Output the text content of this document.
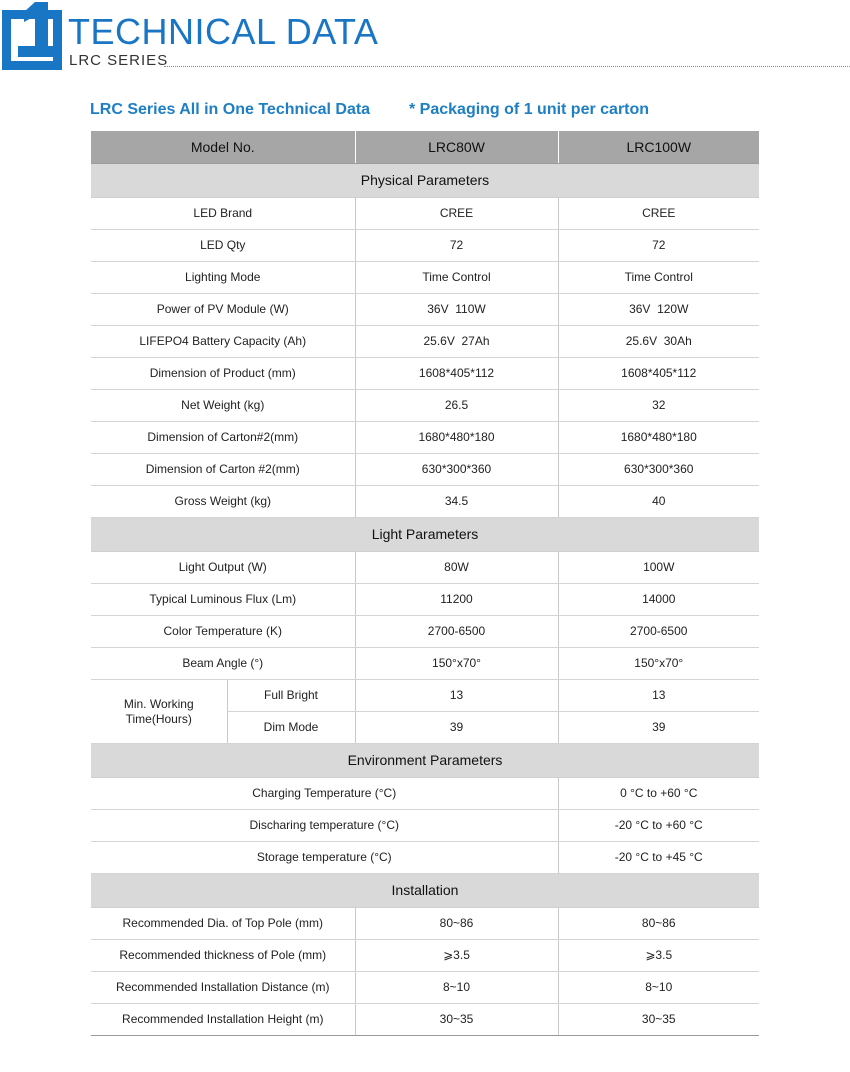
TECHNICAL DATA
LRC SERIES
LRC Series All in One Technical Data * Packaging of 1 unit per carton
Model No.		LRC80W	LRC100W
Physical Parameters			
LED Brand		CREE	CREE
LED Qty		72	72
Lighting Mode		Time Control	Time Control
Power of PV Module (W)		36V  110W	36V  120W
LIFEPO4 Battery Capacity (Ah)		25.6V  27Ah	25.6V  30Ah
Dimension of Product (mm)		1608*405*112	1608*405*112
Net Weight (kg)		26.5	32
Dimension of Carton#2(mm)		1680*480*180	1680*480*180
Dimension of Carton #2(mm)		630*300*360	630*300*360
Gross Weight (kg)		34.5	40
Light Parameters			
Light Output (W)		80W	100W
Typical Luminous Flux (Lm)		11200	14000
Color Temperature (K)		2700-6500	2700-6500
Beam Angle (°)		150°x70°	150°x70°
Min. Working Time(Hours)	Full Bright	13	13
	Dim Mode	39	39
Environment Parameters			
Charging Temperature (°C)			0 °C to +60 °C
Discharing temperature (°C)			-20 °C to +60 °C
Storage temperature (°C)			-20 °C to +45 °C
Installation			
Recommended Dia. of Top Pole (mm)		80~86	80~86
Recommended thickness of Pole (mm)		⩾3.5	⩾3.5
Recommended Installation Distance (m)		8~10	8~10
Recommended Installation Height (m)		30~35	30~35
